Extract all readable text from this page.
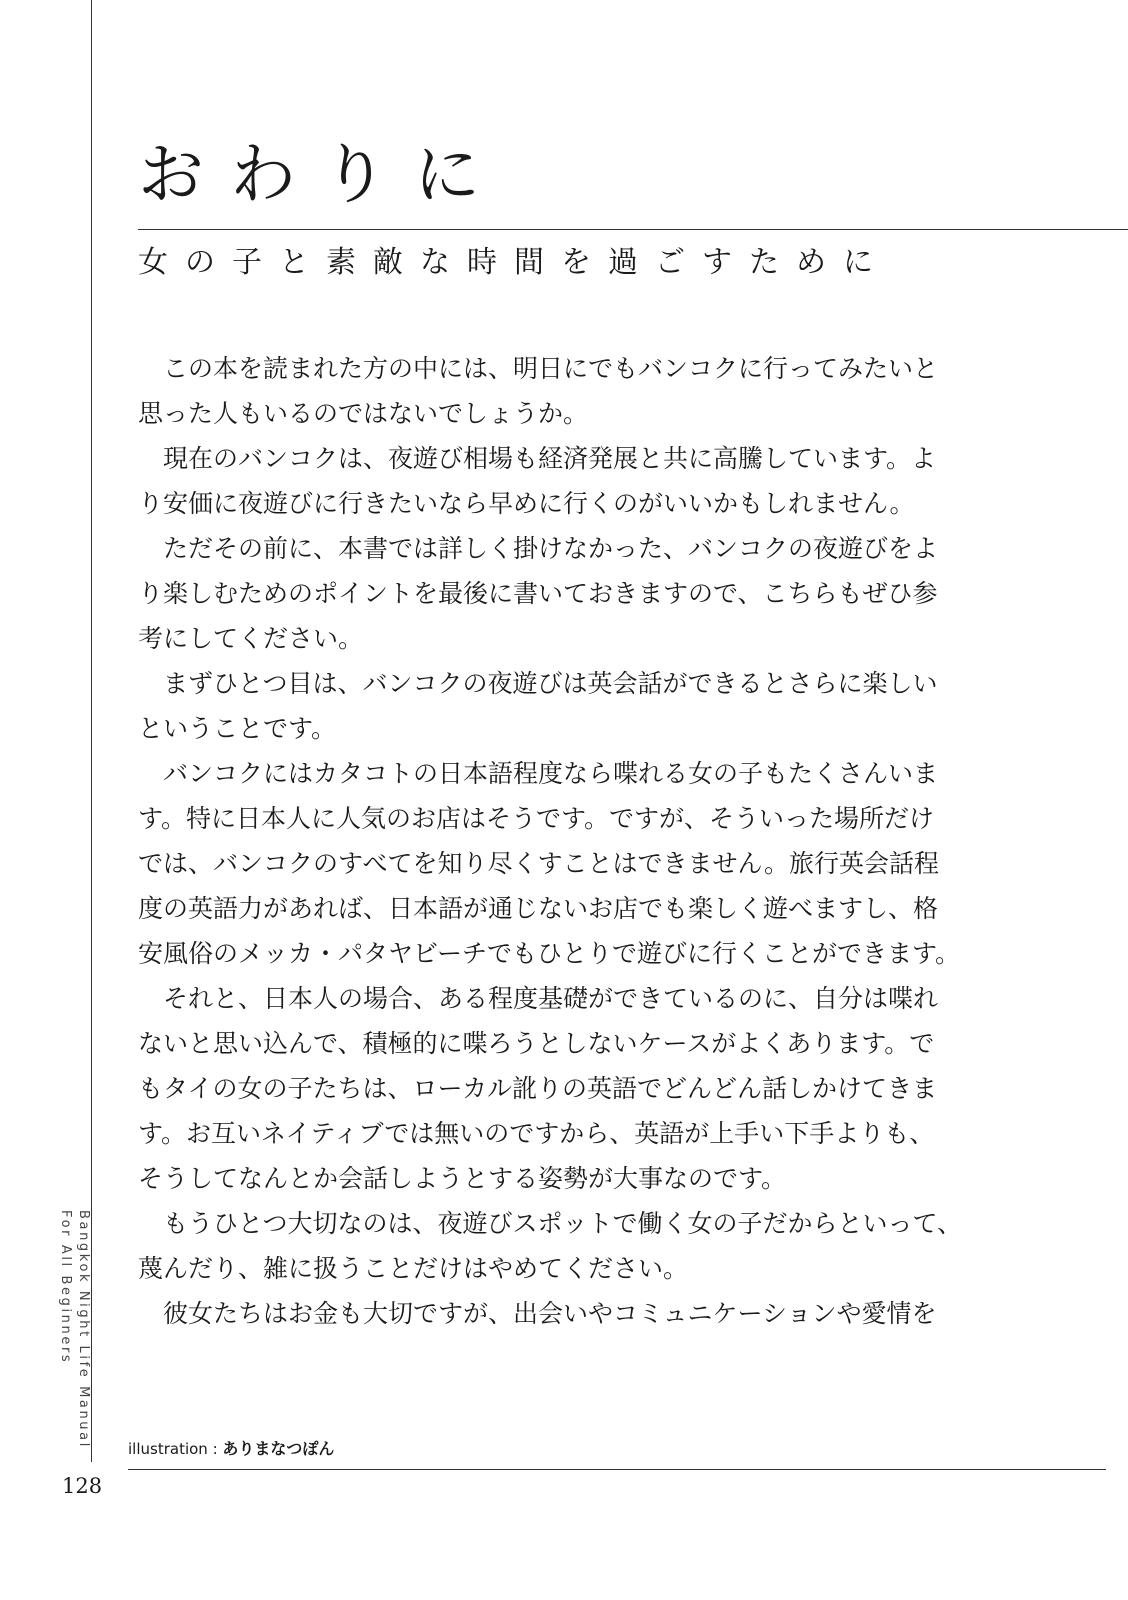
おわりに
女の子と素敵な時間を過ごすために
この本を読まれた方の中には、明日にでもバンコクに行ってみたいと
思った人もいるのではないでしょうか。
現在のバンコクは、夜遊び相場も経済発展と共に高騰しています。よ
り安価に夜遊びに行きたいなら早めに行くのがいいかもしれません。
ただその前に、本書では詳しく掛けなかった、バンコクの夜遊びをよ
り楽しむためのポイントを最後に書いておきますので、こちらもぜひ参
考にしてください。
まずひとつ目は、バンコクの夜遊びは英会話ができるとさらに楽しい
ということです。
バンコクにはカタコトの日本語程度なら喋れる女の子もたくさんいま
す。特に日本人に人気のお店はそうです。ですが、そういった場所だけ
では、バンコクのすべてを知り尽くすことはできません。旅行英会話程
度の英語力があれば、日本語が通じないお店でも楽しく遊べますし、格
安風俗のメッカ・パタヤビーチでもひとりで遊びに行くことができます。
それと、日本人の場合、ある程度基礎ができているのに、自分は喋れ
ないと思い込んで、積極的に喋ろうとしないケースがよくあります。で
もタイの女の子たちは、ローカル訛りの英語でどんどん話しかけてきま
す。お互いネイティブでは無いのですから、英語が上手い下手よりも、
そうしてなんとか会話しようとする姿勢が大事なのです。
もうひとつ大切なのは、夜遊びスポットで働く女の子だからといって、
蔑んだり、雑に扱うことだけはやめてください。
彼女たちはお金も大切ですが、出会いやコミュニケーションや愛情を
Bangkok Night Life Manual
For All Beginners
illustration : ありまなつぽん
128
